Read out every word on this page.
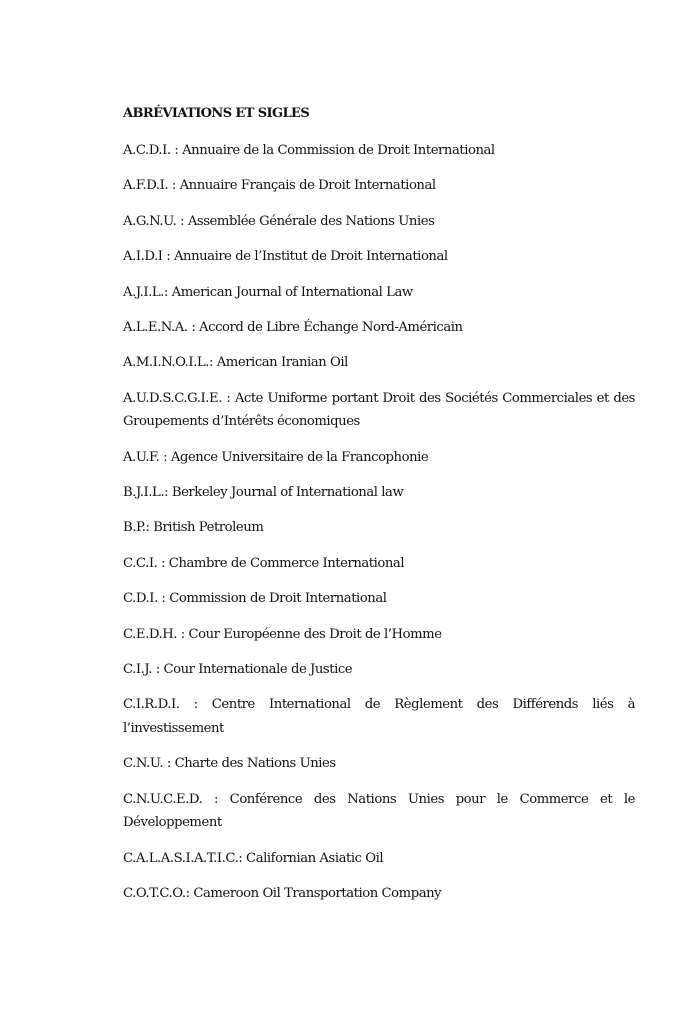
ABRÉVIATIONS ET SIGLES

A.C.D.I. : Annuaire de la Commission de Droit International

A.F.D.I. : Annuaire Français de Droit International

A.G.N.U. : Assemblée Générale des Nations Unies

A.I.D.I : Annuaire de l’Institut de Droit International

A.J.I.L.: American Journal of International Law

A.L.E.N.A. : Accord de Libre Échange Nord-Américain

A.M.I.N.O.I.L.: American Iranian Oil

A.U.D.S.C.G.I.E. : Acte Uniforme portant Droit des Sociétés Commerciales et des Groupements d’Intérêts économiques

A.U.F. : Agence Universitaire de la Francophonie

B.J.I.L.: Berkeley Journal of International law

B.P.: British Petroleum

C.C.I. : Chambre de Commerce International

C.D.I. : Commission de Droit International

C.E.D.H. : Cour Européenne des Droit de l’Homme

C.I.J. : Cour Internationale de Justice

C.I.R.D.I. : Centre International de Règlement des Différends liés à l’investissement

C.N.U. : Charte des Nations Unies

C.N.U.C.E.D. : Conférence des Nations Unies pour le Commerce et le Développement

C.A.L.A.S.I.A.T.I.C.: Californian Asiatic Oil

C.O.T.C.O.: Cameroon Oil Transportation Company
